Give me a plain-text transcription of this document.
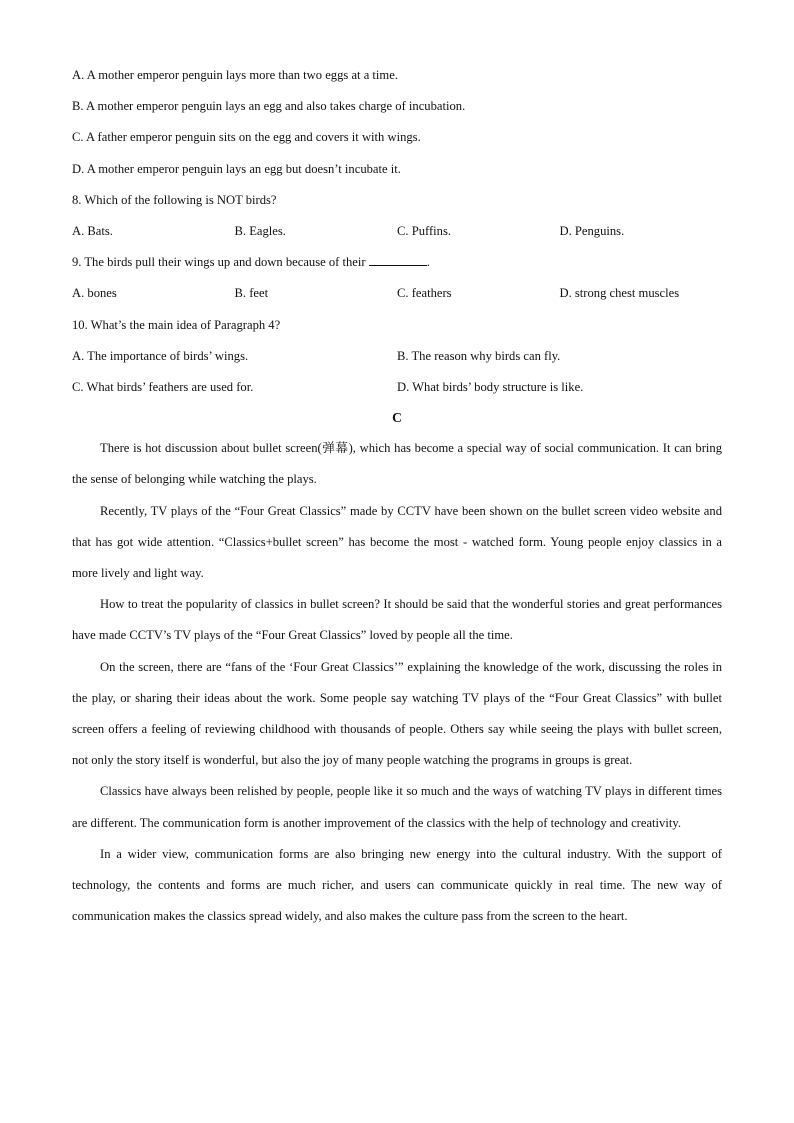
A. A mother emperor penguin lays more than two eggs at a time.
B. A mother emperor penguin lays an egg and also takes charge of incubation.
C. A father emperor penguin sits on the egg and covers it with wings.
D. A mother emperor penguin lays an egg but doesn’t incubate it.
8. Which of the following is NOT birds?
A. Bats.	B. Eagles.	C. Puffins.	D. Penguins.
9. The birds pull their wings up and down because of their	.
A. bones	B. feet	C. feathers	D. strong chest muscles
10. What’s the main idea of Paragraph 4?
A. The importance of birds’ wings.	B. The reason why birds can fly.
C. What birds’ feathers are used for.	D. What birds’ body structure is like.
C

There is hot discussion about bullet screen(弹幕), which has become a special way of social communication. It can bring the sense of belonging while watching the plays.

Recently, TV plays of the “Four Great Classics” made by CCTV have been shown on the bullet screen video website and that has got wide attention. “Classics+bullet screen” has become the most - watched form. Young people enjoy classics in a more lively and light way.

How to treat the popularity of classics in bullet screen? It should be said that the wonderful stories and great performances have made CCTV’s TV plays of the “Four Great Classics” loved by people all the time.

On the screen, there are “fans of the ‘Four Great Classics’” explaining the knowledge of the work, discussing the roles in the play, or sharing their ideas about the work. Some people say watching TV plays of the “Four Great Classics” with bullet screen offers a feeling of reviewing childhood with thousands of people. Others say while seeing the plays with bullet screen, not only the story itself is wonderful, but also the joy of many people watching the programs in groups is great.

Classics have always been relished by people, people like it so much and the ways of watching TV plays in different times are different. The communication form is another improvement of the classics with the help of technology and creativity.

In a wider view, communication forms are also bringing new energy into the cultural industry. With the support of technology, the contents and forms are much richer, and users can communicate quickly in real time. The new way of communication makes the classics spread widely, and also makes the culture pass from the screen to the heart.
